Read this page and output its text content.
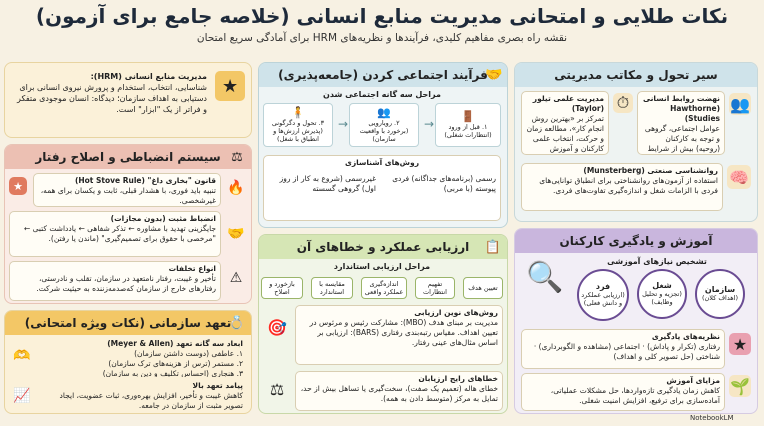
نکات طلایی و امتحانی مدیریت منابع انسانی (خلاصه جامع برای آزمون)
نقشه راه بصری مفاهیم کلیدی، فرآیندها و نظریه‌های HRM برای آمادگی سریع امتحان
سیر تحول و مکاتب مدیریتی
👥
نهضت روابط انسانی (Hawthorne Studies)
عوامل اجتماعی، گروهی و توجه به کارکنان (روحیه) بیش از شرایط
⏱
مدیریت علمی تیلور (Taylor)
تمرکز بر «بهترین روش انجام کار»، مطالعه زمان و حرکت، انتخاب علمی کارکنان و آموزش
🧠
روانشناسی صنعتی (Munsterberg)
استفاده از آزمون‌های روانشناختی برای انطباق توانایی‌های فردی با الزامات شغل و اندازه‌گیری تفاوت‌های فردی.
آموزش و یادگیری کارکنان
🔍	تشخیص نیازهای آموزشی
سازمان
(اهداف کلان)
شغل
(تجزیه و تحلیل وظایف)
فرد
(ارزیابی عملکرد و دانش فعلی)
★
نظریه‌های یادگیری
رفتاری (تکرار و پاداش) · اجتماعی (مشاهده و الگوبرداری) · شناختی (حل تصویر کلی و اهداف)
🌱
مزایای آموزش
کاهش زمان یادگیری تازه‌واردها، حل مشکلات عملیاتی، آماده‌سازی برای ترفیع، افزایش امنیت شغلی.
فرآیند اجتماعی کردن (جامعه‌پذیری)
🤝
مراحل سه گانه اجتماعی شدن
🚪
۱. قبل از ورود
(انتظارات شغلی)
→
👥
۲. رویارویی
(برخورد با واقعیت سازمان)
→
🧍
۳. تحول و دگرگونی
(پذیرش ارزش‌ها و انطباق با شغل)
روش‌های آشناسازی
رسمی (برنامه‌های جداگانه) فردی پیوسته (با مربی)
غیررسمی (شروع به کار از روز اول) گروهی گسسته
ارزیابی عملکرد و خطاهای آن	📋
مراحل ارزیابی استاندارد
تعیین هدف
تفهیم انتظارات
اندازه‌گیری عملکرد واقعی
مقایسه با استاندارد
بازخورد و اصلاح
🎯
روش‌های نوین ارزیابی
مدیریت بر مبنای هدف (MBO): مشارکت رئیس و مرئوس در تعیین اهداف. مقیاس رتبه‌بندی رفتاری (BARS): ارزیابی بر اساس مثال‌های عینی رفتار.
⚖
خطاهای رایج ارزیابان
خطای هاله (تعمیم یک صفت)، سخت‌گیری یا تساهل بیش از حد، تمایل به مرکز (متوسط دادن به همه).
★
مدیریت منابع انسانی (HRM):
شناسایی، انتخاب، استخدام و پرورش نیروی انسانی برای دستیابی به اهداف سازمان؛ دیدگاه: انسان موجودی متفکر و فراتر از یک "ابزار" است.
سیستم انضباطی و اصلاح رفتار ⚖
🔥
قانون "بخاری داغ" (Hot Stove Rule)
تنبیه باید فوری، با هشدار قبلی، ثابت و یکسان برای همه، غیرشخصی.
★
🤝
انضباط مثبت (بدون مجازات)
جایگزینی تهدید با مشاوره ← تذکر شفاهی ← یادداشت کتبی ← "مرخصی با حقوق برای تصمیم‌گیری" (ماندن یا رفتن).
⚠
انواع تخلفات
تأخیر و غیبت، رفتار نامتعهد در سازمان، تقلب و نادرستی، رفتارهای خارج از سازمان که‌صدمه‌زننده به حیثیت شرکت.
تعهد سازمانی (نکات ویژه امتحانی)
💍
🫶
ابعاد سه گانه تعهد (Meyer & Allen)
۱. عاطفی (دوست داشتن سازمان)
۲. مستمر (ترس از هزینه‌های ترک سازمان)
۳. هنجاری (احساس تکلیف و دین به سازمان)
📈
پیامد تعهد بالا
کاهش غیبت و تأخیر، افزایش بهره‌وری، ثبات عضویت، ایجاد تصویر مثبت از سازمان در جامعه.
NotebookLM
